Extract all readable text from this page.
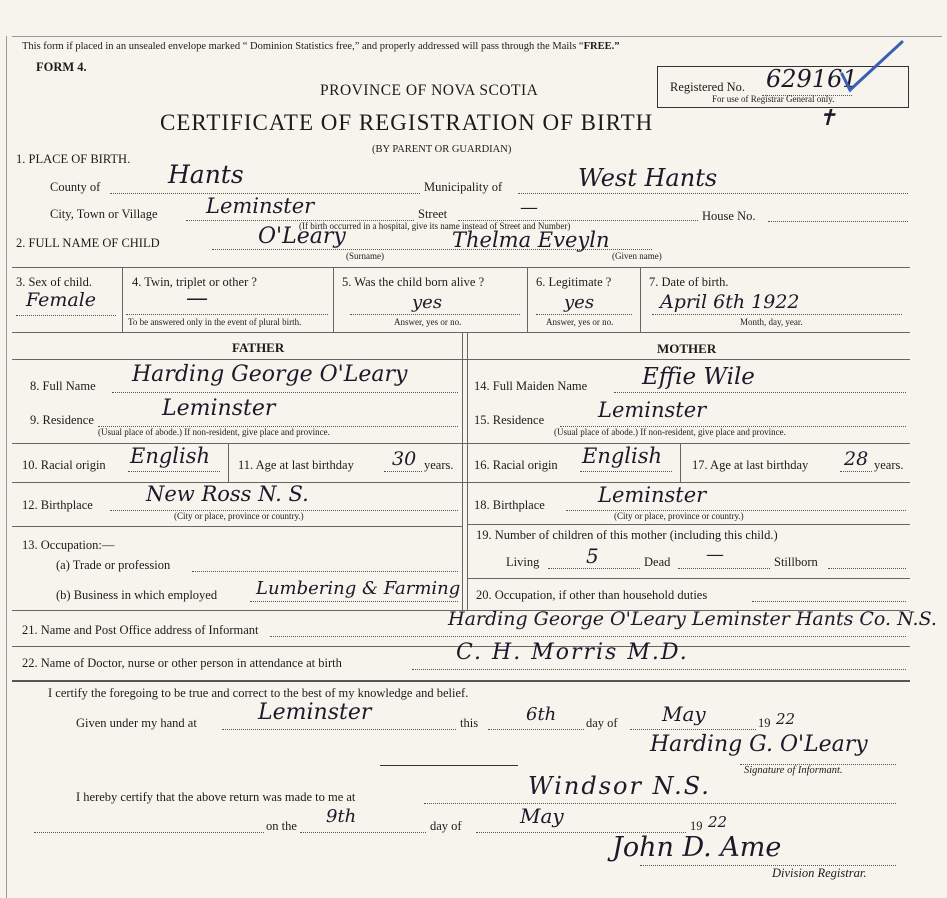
This form if placed in an unsealed envelope marked “ Dominion Statistics free,” and properly addressed will pass through the Mails “FREE.”
FORM 4.
PROVINCE OF NOVA SCOTIA
CERTIFICATE OF REGISTRATION OF BIRTH
(BY PARENT OR GUARDIAN)
Registered No. 629161
For use of Registrar General only.
✝
1. PLACE OF BIRTH.
County of	Hants	Municipality of	West Hants
City, Town or Village Leminster	Street	—	House No.
(If birth occurred in a hospital, give its name instead of Street and Number)
2. FULL NAME OF CHILD	O'Leary	Thelma Eveyln
(Surname)	(Given name)
3. Sex of child.
Female
4. Twin, triplet or other ?
—
To be answered only in the event of plural birth.
5. Was the child born alive ?
yes
Answer, yes or no.
6. Legitimate ?
yes
Answer, yes or no.
7. Date of birth.
April 6th 1922
Month, day, year.
FATHER	MOTHER
8. Full Name Harding George O'Leary	14. Full Maiden Name Effie Wile
9. Residence	Leminster
(Usual place of abode.) If non-resident, give place and province.
15. Residence	Leminster
(Usual place of abode.) If non-resident, give place and province.
10. Racial origin English 11. Age at last birthday 30 years. 16. Racial origin English 17. Age at last birthday 28 years.
12. Birthplace	New Ross N. S.
(City or place, province or country.)
18. Birthplace	Leminster
(City or place, province or country.)
13. Occupation:—
(a) Trade or profession
(b) Business in which employed Lumbering & Farming
19. Number of children of this mother (including this child.)
Living 5	Dead —	Stillborn
20. Occupation, if other than household duties
21. Name and Post Office address of Informant	Harding George O'Leary Leminster Hants Co. N.S.
22. Name of Doctor, nurse or other person in attendance at birth	C. H. Morris M.D.
I certify the foregoing to be true and correct to the best of my knowledge and belief.
Given under my hand at	Leminster	this	6th day of May	19 22
Harding G. O'Leary
Signature of Informant.
I hereby certify that the above return was made to me at	Windsor N.S.
on the 9th	day of	May	19 22
John D. Ame
Division Registrar.
